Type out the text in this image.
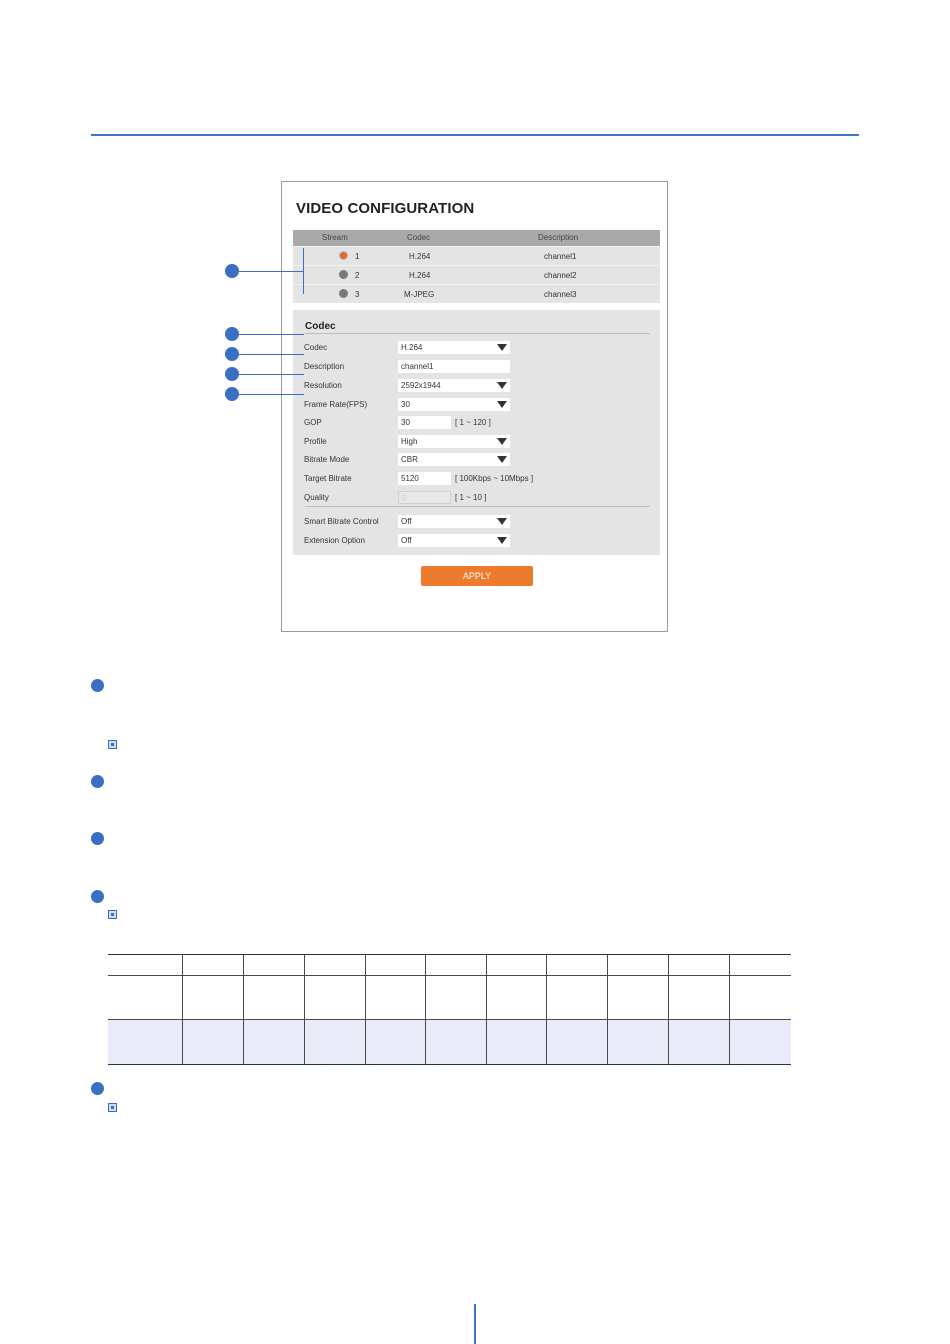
VIDEO CONFIGURATION
Stream	Codec	Description
1	H.264	channel1
2	H.264	channel2
3	M-JPEG	channel3
Codec
Codec	H.264
Description	channel1
Resolution	2592x1944
Frame Rate(FPS)	30
GOP	30	[ 1 ~ 120 ]
Profile	High
Bitrate Mode	CBR
Target Bitrate	5120	[ 100Kbps ~ 10Mbps ]
Quality	5	[ 1 ~ 10 ]
Smart Bitrate Control	Off
Extension Option	Off
APPLY
